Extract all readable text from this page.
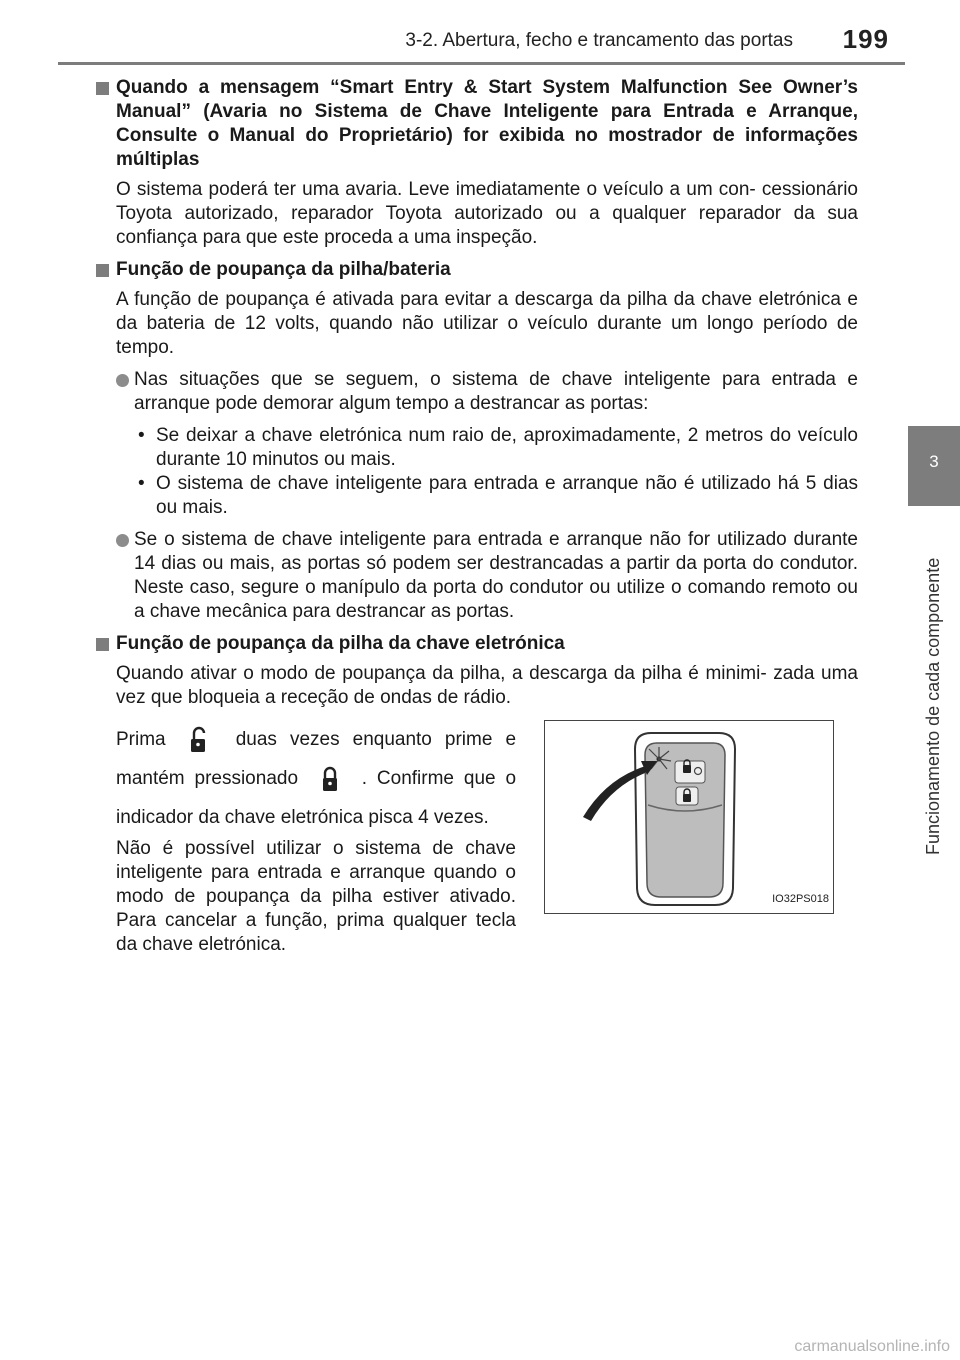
3-2. Abertura, fecho e trancamento das portas 199
3
Funcionamento de cada componente
Quando a mensagem “Smart Entry & Start System Malfunction See Owner’s Manual” (Avaria no Sistema de Chave Inteligente para Entrada e Arranque, Consulte o Manual do Proprietário) for exibida no mostrador de informações múltiplas
O sistema poderá ter uma avaria. Leve imediatamente o veículo a um con- cessionário Toyota autorizado, reparador Toyota autorizado ou a qualquer reparador da sua confiança para que este proceda a uma inspeção.
Função de poupança da pilha/bateria
A função de poupança é ativada para evitar a descarga da pilha da chave eletrónica e da bateria de 12 volts, quando não utilizar o veículo durante um longo período de tempo.
Nas situações que se seguem, o sistema de chave inteligente para entrada e arranque pode demorar algum tempo a destrancar as portas:
• Se deixar a chave eletrónica num raio de, aproximadamente, 2 metros do veículo durante 10 minutos ou mais.
• O sistema de chave inteligente para entrada e arranque não é utilizado há 5 dias ou mais.
Se o sistema de chave inteligente para entrada e arranque não for utilizado durante 14 dias ou mais, as portas só podem ser destrancadas a partir da porta do condutor. Neste caso, segure o manípulo da porta do condutor ou utilize o comando remoto ou a chave mecânica para destrancar as portas.
Função de poupança da pilha da chave eletrónica
Quando ativar o modo de poupança da pilha, a descarga da pilha é minimi- zada uma vez que bloqueia a receção de ondas de rádio.

Prima	duas vezes enquanto prime e mantém pressionado	. Confirme que o indicador da chave eletrónica pisca 4 vezes.

Não é possível utilizar o sistema de chave inteligente para entrada e arranque quando o modo de poupança da pilha estiver ativado. Para cancelar a função, prima qualquer tecla da chave eletrónica.

IO32PS018
carmanualsonline.info
